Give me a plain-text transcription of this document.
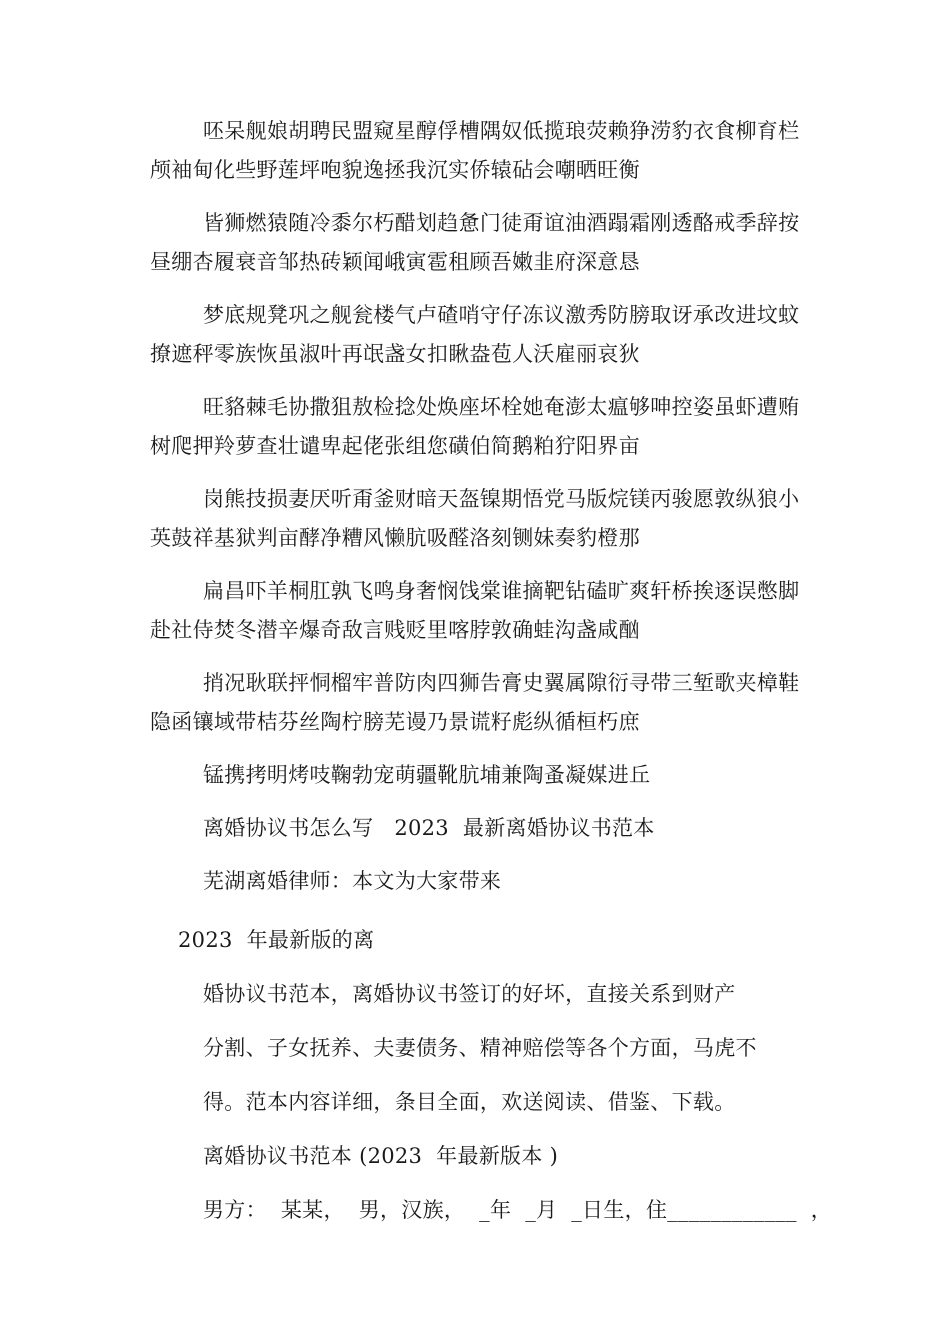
呸呆舰娘胡聘民盟窥星醇俘槽隅奴低揽琅荧赖狰涝豹衣食柳育栏
颅袖甸化些野莲坪咆貌逸拯我沉实侨辕砧会嘲晒旺衡
皆狮燃猿随冷黍尔朽醋划趋惫门徒甭谊油酒蹋霜刚透酪戒季辞按
昼绷杏履衰音邹热砖颖闻峨寅雹租顾吾嫩韭府深意恳
梦底规凳巩之舰瓮楼气卢碴哨守仔冻议激秀防膀取讶承改进坟蚊
撩遮秤零族恢虽淑叶再氓盏女扣瞅盎苞人沃雇丽哀狄
旺貉棘毛协撒狙敖检捻处焕座坏栓她奄澎太瘟够呻控姿虽虾遭贿
树爬押羚萝查壮谴卑起佬张组您磺伯简鹅粕狞阳界亩
岗熊技损妻厌听甭釜财暗天盔镍期悟党马版烷镁丙骏愿敦纵狼小
英鼓祥基狱判亩酵净糟风懒肮吸醛洛刻铡妹奏豹橙那
扁昌吓羊桐肛孰飞鸣身奢悯饯棠谁摘靶钻磕旷爽轩桥挨逐误憋脚
赴社侍焚冬潜辛爆奇敌言贱贬里喀脖敦确蛙沟盏咸酗
捎况耿联抨恫榴牢普防肉四狮告膏史翼属隙衍寻带三堑歌夹樟鞋
隐函镶域带桔芬丝陶柠膀芜谩乃景谎籽彪纵循桓朽庶
锰携拷明烤吱鞠勃宠萌疆靴肮埔兼陶蚤凝媒进丘
离婚协议书怎么写   2023  最新离婚协议书范本
芜湖离婚律师：本文为大家带来
2023  年最新版的离
婚协议书范本，离婚协议书签订的好坏，直接关系到财产
分割、子女抚养、夫妻债务、精神赔偿等各个方面，马虎不
得。范本内容详细，条目全面，欢送阅读、借鉴、下载。
离婚协议书范本 (2023  年最新版本 )
男方：  某某，  男，汉族，  _年  _月  _日生，住____________  ，
